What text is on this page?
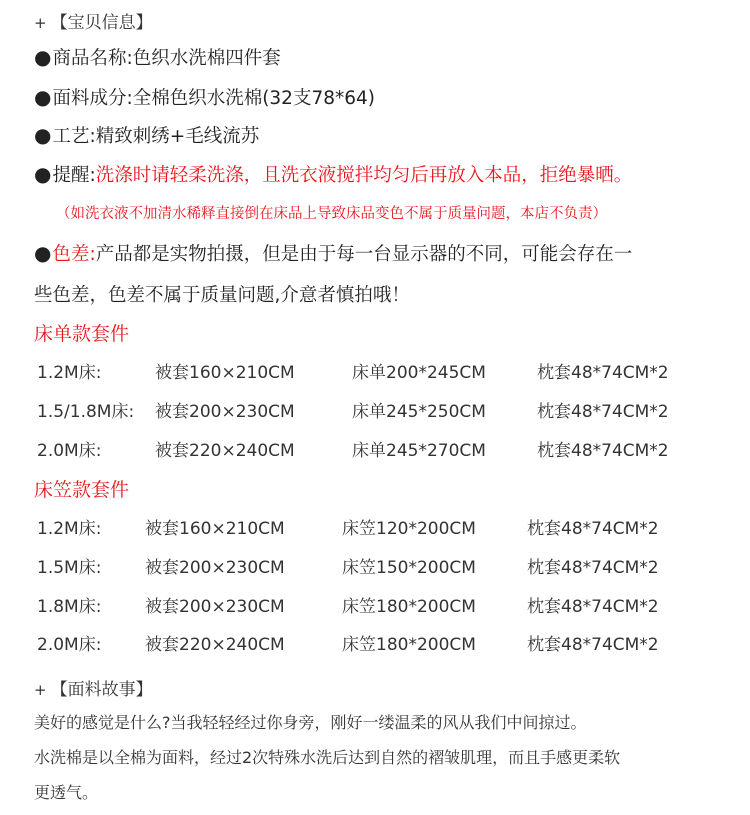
+ 【宝贝信息】
●商品名称:色织水洗棉四件套
●面料成分:全棉色织水洗棉(32支78*64)
●工艺:精致刺绣+毛线流苏
●提醒:洗涤时请轻柔洗涤，且洗衣液搅拌均匀后再放入本品，拒绝暴晒。
（如洗衣液不加清水稀释直接倒在床品上导致床品变色不属于质量问题，本店不负责）
●色差:产品都是实物拍摄，但是由于每一台显示器的不同，可能会存在一
些色差，色差不属于质量问题,介意者慎拍哦！
床单款套件
1.2M床:	被套160×210CM	床单200*245CM	枕套48*74CM*2
1.5/1.8M床: 被套200×230CM	床单245*250CM	枕套48*74CM*2
2.0M床:	被套220×240CM	床单245*270CM	枕套48*74CM*2
床笠款套件
1.2M床:	被套160×210CM	床笠120*200CM	枕套48*74CM*2
1.5M床:	被套200×230CM	床笠150*200CM	枕套48*74CM*2
1.8M床:	被套200×230CM	床笠180*200CM	枕套48*74CM*2
2.0M床:	被套220×240CM	床笠180*200CM	枕套48*74CM*2
+ 【面料故事】
美好的感觉是什么?当我轻轻经过你身旁，刚好一缕温柔的风从我们中间掠过。
水洗棉是以全棉为面料，经过2次特殊水洗后达到自然的褶皱肌理，而且手感更柔软
更透气。
